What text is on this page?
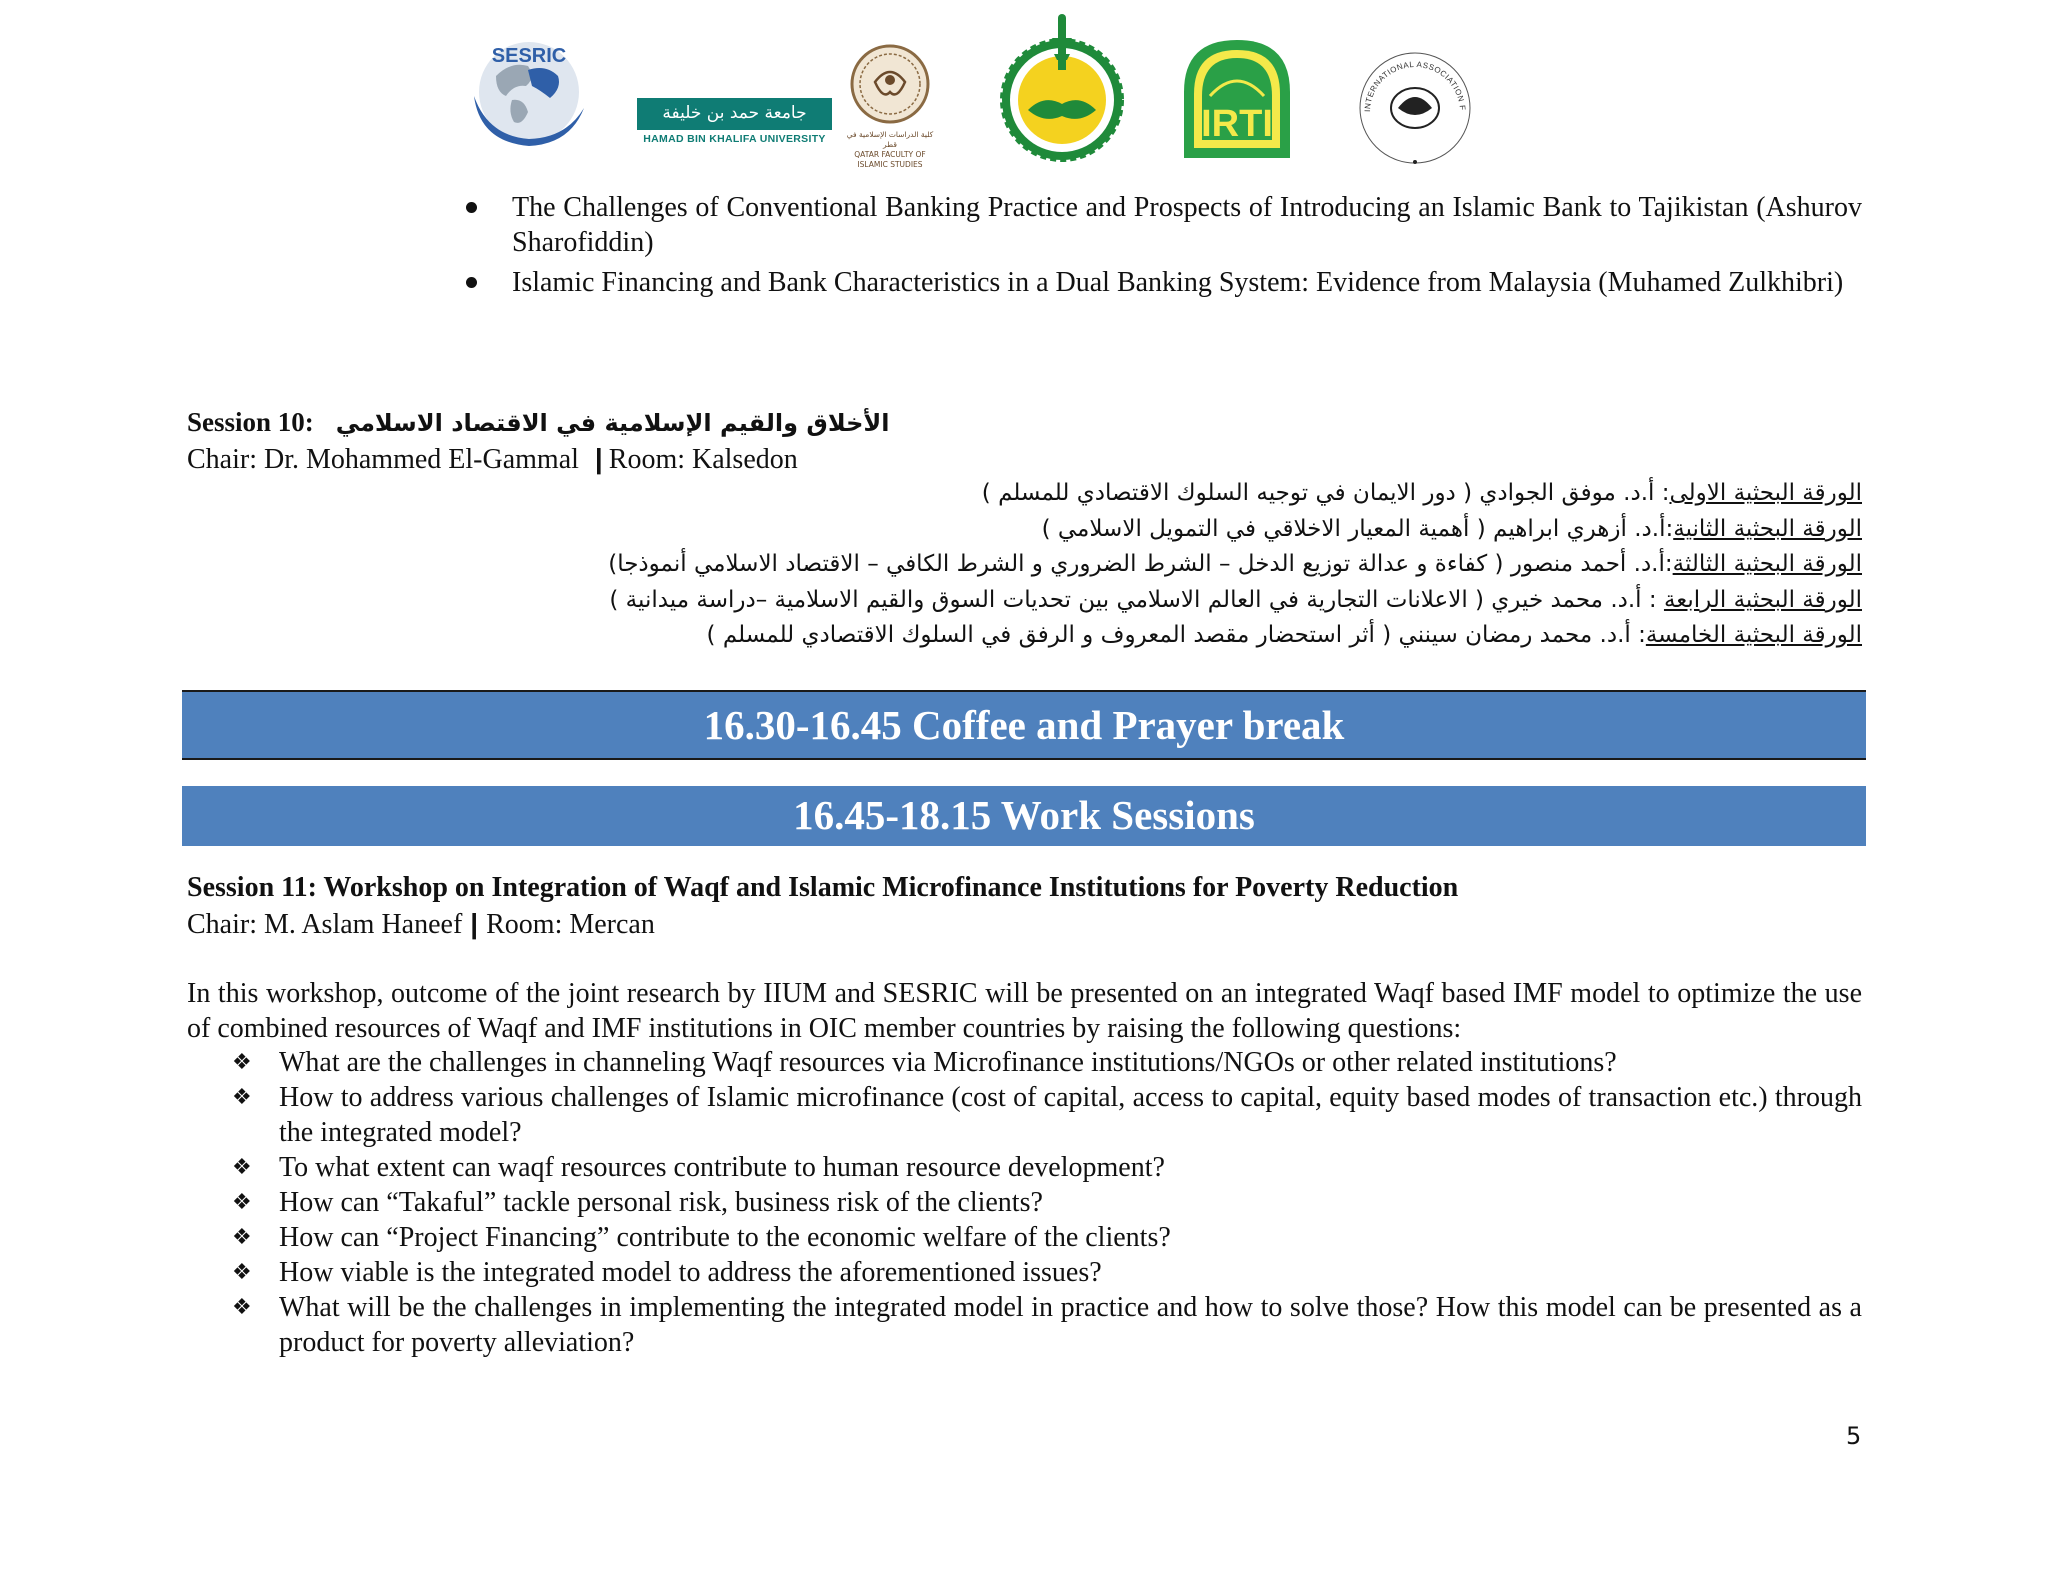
SESRIC
جامعة حمد بن خليفة
HAMAD BIN KHALIFA UNIVERSITY	كلية الدراسات الإسلامية في قطر
QATAR FACULTY OF ISLAMIC STUDIES
IRTI	INTERNATIONAL ASSOCIATION F
The Challenges of Conventional Banking Practice and Prospects of Introducing an Islamic Bank to Tajikistan (Ashurov Sharofiddin)
Islamic Financing and Bank Characteristics in a Dual Banking System: Evidence from Malaysia (Muhamed Zulkhibri)
Session 10: الأخلاق والقيم الإسلامية في الاقتصاد الاسلامي
Chair: Dr. Mohammed El-Gammal | Room: Kalsedon
الورقة البحثية الاولى: أ.د. موفق الجوادي ( دور الايمان في توجيه السلوك الاقتصادي للمسلم )
الورقة البحثية الثانية:أ.د. أزهري ابراهيم ( أهمية المعيار الاخلاقي في التمويل الاسلامي )
الورقة البحثية الثالثة:أ.د. أحمد منصور ( كفاءة و عدالة توزيع الدخل – الشرط الضروري و الشرط الكافي – الاقتصاد الاسلامي أنموذجا)
الورقة البحثية الرابعة : أ.د. محمد خيري ( الاعلانات التجارية في العالم الاسلامي بين تحديات السوق والقيم الاسلامية –دراسة ميدانية )
الورقة البحثية الخامسة: أ.د. محمد رمضان سينني ( أثر استحضار مقصد المعروف و الرفق في السلوك الاقتصادي للمسلم )
16.30-16.45 Coffee and Prayer break
16.45-18.15 Work Sessions
Session 11: Workshop on Integration of Waqf and Islamic Microfinance Institutions for Poverty Reduction
Chair: M. Aslam Haneef | Room: Mercan
In this workshop, outcome of the joint research by IIUM and SESRIC will be presented on an integrated Waqf based IMF model to optimize the use of combined resources of Waqf and IMF institutions in OIC member countries by raising the following questions:
❖ What are the challenges in channeling Waqf resources via Microfinance institutions/NGOs or other related institutions?
❖ How to address various challenges of Islamic microfinance (cost of capital, access to capital, equity based modes of transaction etc.) through the integrated model?
❖ To what extent can waqf resources contribute to human resource development?
❖ How can “Takaful” tackle personal risk, business risk of the clients?
❖ How can “Project Financing” contribute to the economic welfare of the clients?
❖ How viable is the integrated model to address the aforementioned issues?
❖ What will be the challenges in implementing the integrated model in practice and how to solve those? How this model can be presented as a product for poverty alleviation?
5
